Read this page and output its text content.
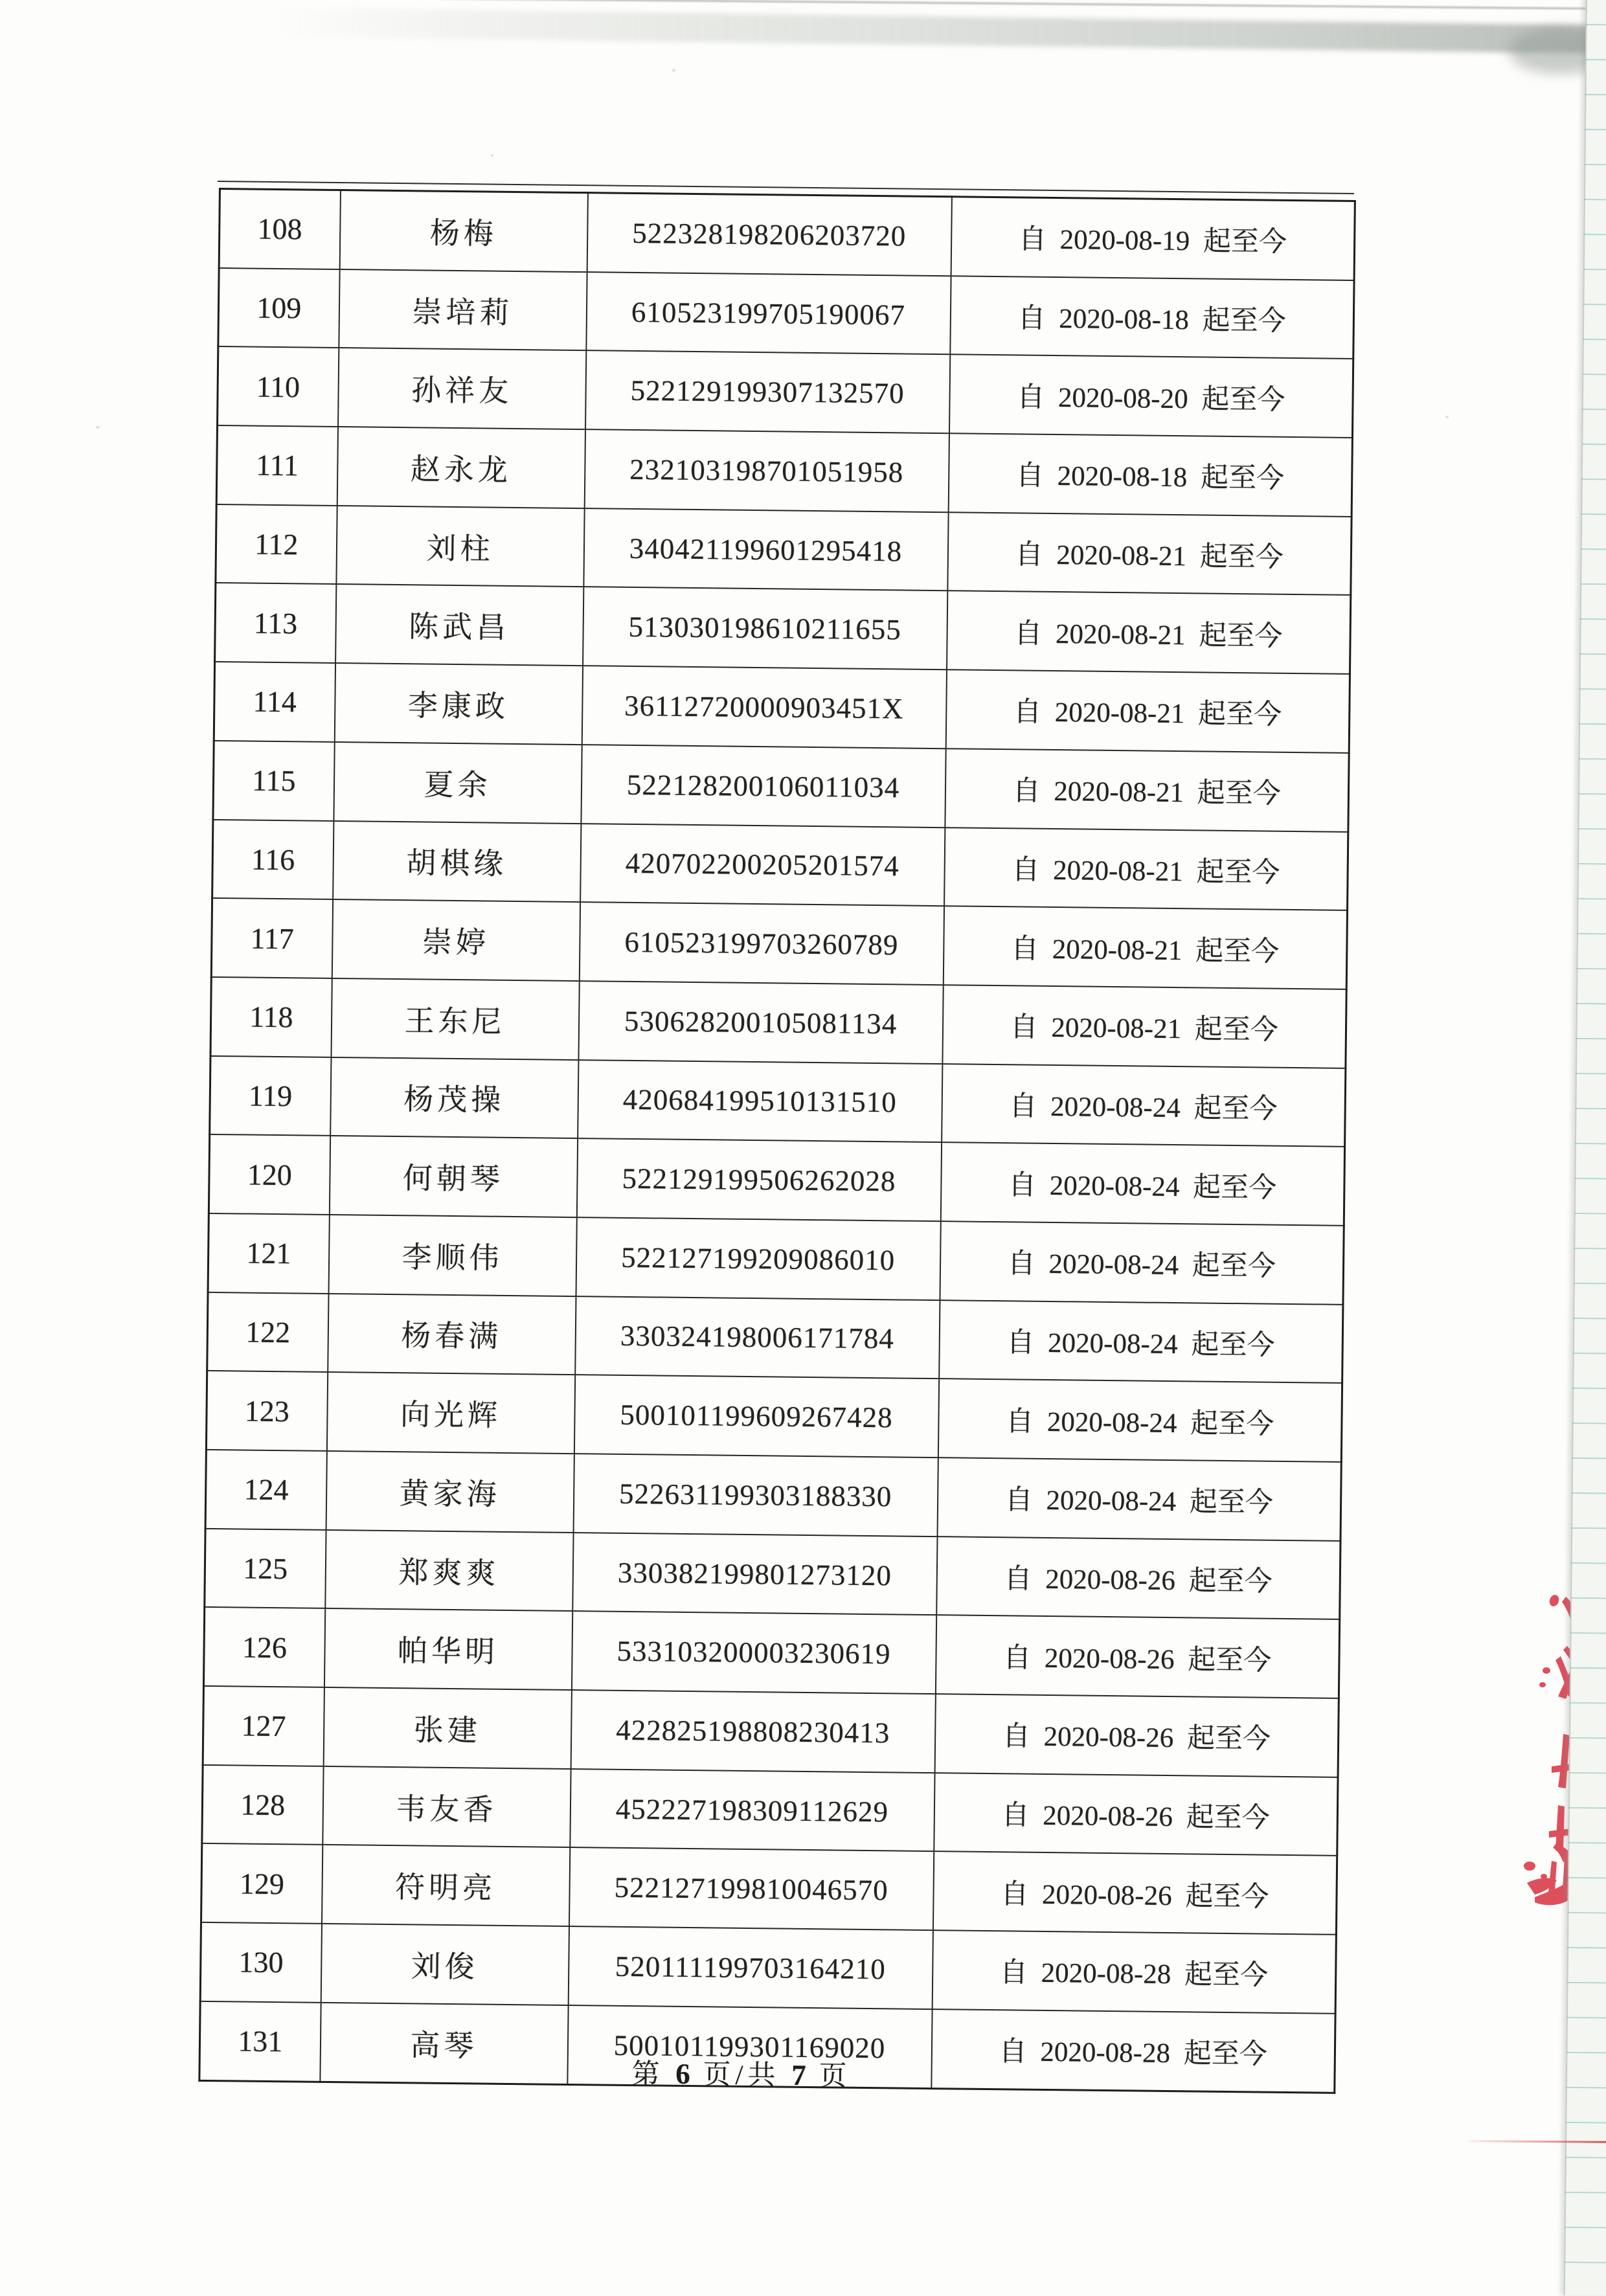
108	杨梅	522328198206203720	自 2020-08-19 起至今
109	崇培莉	610523199705190067	自 2020-08-18 起至今
110	孙祥友	522129199307132570	自 2020-08-20 起至今
111	赵永龙	232103198701051958	自 2020-08-18 起至今
112	刘柱	340421199601295418	自 2020-08-21 起至今
113	陈武昌	513030198610211655	自 2020-08-21 起至今
114	李康政	36112720000903451X	自 2020-08-21 起至今
115	夏余	522128200106011034	自 2020-08-21 起至今
116	胡棋缘	420702200205201574	自 2020-08-21 起至今
117	崇婷	610523199703260789	自 2020-08-21 起至今
118	王东尼	530628200105081134	自 2020-08-21 起至今
119	杨茂操	420684199510131510	自 2020-08-24 起至今
120	何朝琴	522129199506262028	自 2020-08-24 起至今
121	李顺伟	522127199209086010	自 2020-08-24 起至今
122	杨春满	330324198006171784	自 2020-08-24 起至今
123	向光辉	500101199609267428	自 2020-08-24 起至今
124	黄家海	522631199303188330	自 2020-08-24 起至今
125	郑爽爽	330382199801273120	自 2020-08-26 起至今
126	帕华明	533103200003230619	自 2020-08-26 起至今
127	张建	422825198808230413	自 2020-08-26 起至今
128	韦友香	452227198309112629	自 2020-08-26 起至今
129	符明亮	522127199810046570	自 2020-08-26 起至今
130	刘俊	520111199703164210	自 2020-08-28 起至今
131	高琴	500101199301169020	自 2020-08-28 起至今
第 6 页/共 7 页
